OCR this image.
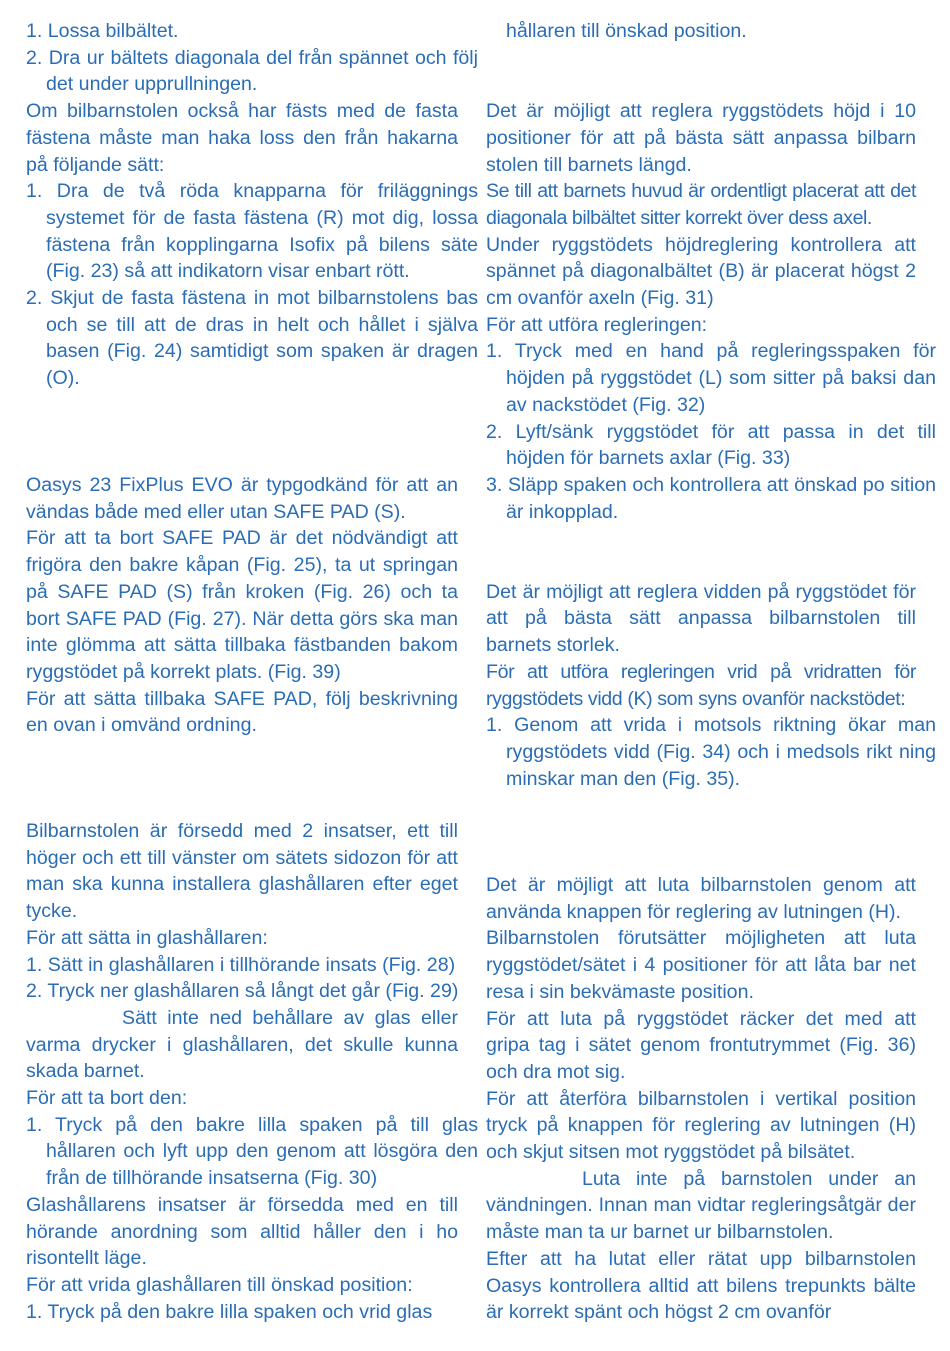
1. Lossa bilbältet.

2. Dra ur bältets diagonala del från spännet och följ det under upprullningen.

Om bilbarnstolen också har fästs med de fasta fästena måste man haka loss den från hakarna på följande sätt:

1. Dra de två röda knapparna för friläggnings systemet för de fasta fästena (R) mot dig, lossa fästena från kopplingarna Isofix på bilens säte (Fig. 23) så att indikatorn visar enbart rött.

2. Skjut de fasta fästena in mot bilbarnstolens bas och se till att de dras in helt och hållet i själva basen (Fig. 24) samtidigt som spaken är dragen (O).

Oasys 23 FixPlus EVO är typgodkänd för att an vändas både med eller utan SAFE PAD (S).

För att ta bort SAFE PAD är det nödvändigt att frigöra den bakre kåpan (Fig. 25), ta ut springan på SAFE PAD (S) från kroken (Fig. 26) och ta bort SAFE PAD (Fig. 27). När detta görs ska man inte glömma att sätta tillbaka fästbanden bakom ryggstödet på korrekt plats. (Fig. 39)

För att sätta tillbaka SAFE PAD, följ beskrivning en ovan i omvänd ordning.

Bilbarnstolen är försedd med 2 insatser, ett till höger och ett till vänster om sätets sidozon för att man ska kunna installera glashållaren efter eget tycke.

För att sätta in glashållaren:

1. Sätt in glashållaren i tillhörande insats (Fig. 28)

2. Tryck ner glashållaren så långt det går (Fig. 29)

Sätt inte ned behållare av glas eller varma drycker i glashållaren, det skulle kunna skada barnet.

För att ta bort den:

1. Tryck på den bakre lilla spaken på till glas hållaren och lyft upp den genom att lösgöra den från de tillhörande insatserna (Fig. 30)

Glashållarens insatser är försedda med en till hörande anordning som alltid håller den i ho risontellt läge.

För att vrida glashållaren till önskad position:

1. Tryck på den bakre lilla spaken och vrid glas

hållaren till önskad position.

Det är möjligt att reglera ryggstödets höjd i 10 positioner för att på bästa sätt anpassa bilbarn stolen till barnets längd.

Se till att barnets huvud är ordentligt placerat att det diagonala bilbältet sitter korrekt över dess axel.

Under ryggstödets höjdreglering kontrollera att spännet på diagonalbältet (B) är placerat högst 2 cm ovanför axeln (Fig. 31)

För att utföra regleringen:

1. Tryck med en hand på regleringsspaken för höjden på ryggstödet (L) som sitter på baksi dan av nackstödet (Fig. 32)

2. Lyft/sänk ryggstödet för att passa in det till höjden för barnets axlar (Fig. 33)

3. Släpp spaken och kontrollera att önskad po sition är inkopplad.

Det är möjligt att reglera vidden på ryggstödet för att på bästa sätt anpassa bilbarnstolen till barnets storlek.

För att utföra regleringen vrid på vridratten för ryggstödets vidd (K) som syns ovanför nackstödet:

1. Genom att vrida i motsols riktning ökar man ryggstödets vidd (Fig. 34) och i medsols rikt ning minskar man den (Fig. 35).

Det är möjligt att luta bilbarnstolen genom att använda knappen för reglering av lutningen (H).

Bilbarnstolen förutsätter möjligheten att luta ryggstödet/sätet i 4 positioner för att låta bar net resa i sin bekvämaste position.

För att luta på ryggstödet räcker det med att gripa tag i sätet genom frontutrymmet (Fig. 36) och dra mot sig.

För att återföra bilbarnstolen i vertikal position tryck på knappen för reglering av lutningen (H) och skjut sitsen mot ryggstödet på bilsätet.

Luta inte på barnstolen under an vändningen. Innan man vidtar regleringsåtgär der måste man ta ur barnet ur bilbarnstolen.

Efter att ha lutat eller rätat upp bilbarnstolen Oasys kontrollera alltid att bilens trepunkts bälte är korrekt spänt och högst 2 cm ovanför
